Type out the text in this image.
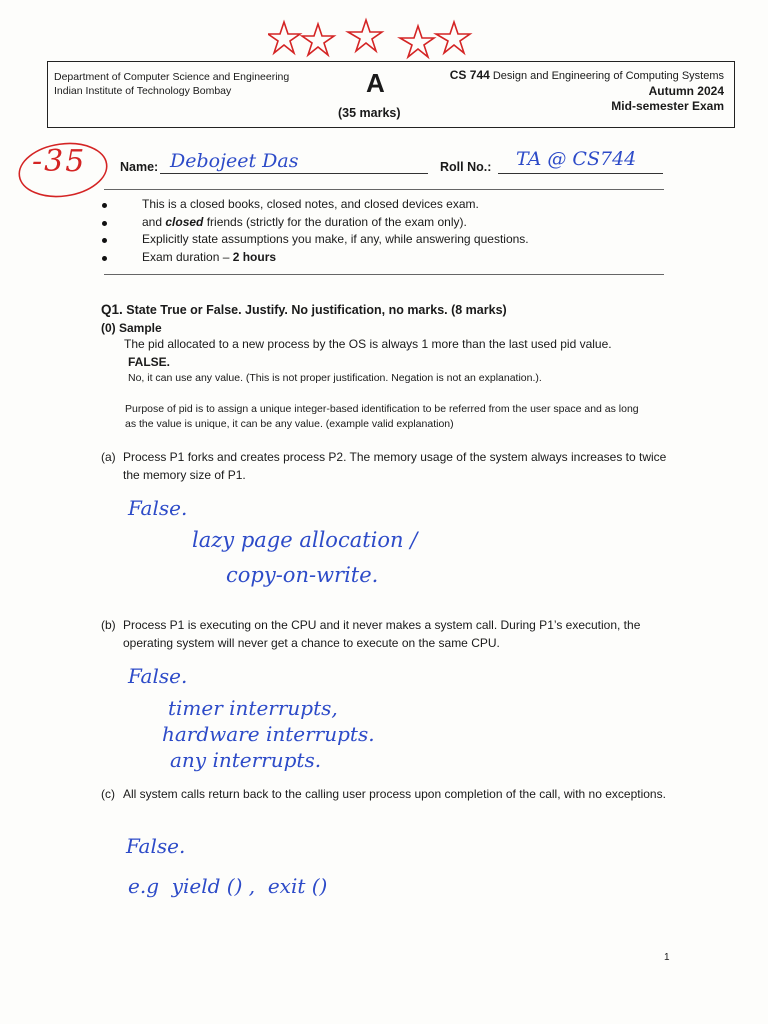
Department of Computer Science and Engineering
Indian Institute of Technology Bombay	A
(35 marks)
CS 744 Design and Engineering of Computing Systems
Autumn 2024
Mid-semester Exam
-35	Name: Debojeet Das	Roll No.: TA @ CS744
This is a closed books, closed notes, and closed devices exam.
and closed friends (strictly for the duration of the exam only).
Explicitly state assumptions you make, if any, while answering questions.
Exam duration – 2 hours
Q1. State True or False. Justify. No justification, no marks. (8 marks)
(0) Sample
The pid allocated to a new process by the OS is always 1 more than the last used pid value.
FALSE.
No, it can use any value. (This is not proper justification. Negation is not an explanation.).
Purpose of pid is to assign a unique integer-based identification to be referred from the user space and as long as the value is unique, it can be any value. (example valid explanation)
(a) Process P1 forks and creates process P2. The memory usage of the system always increases to twice the memory size of P1.
False.
lazy page allocation /
copy-on-write.
(b) Process P1 is executing on the CPU and it never makes a system call. During P1’s execution, the operating system will never get a chance to execute on the same CPU.
False.
timer interrupts,
hardware interrupts.
any interrupts.
(c) All system calls return back to the calling user process upon completion of the call, with no exceptions.
False.
e.g  yield () ,  exit ()
1
